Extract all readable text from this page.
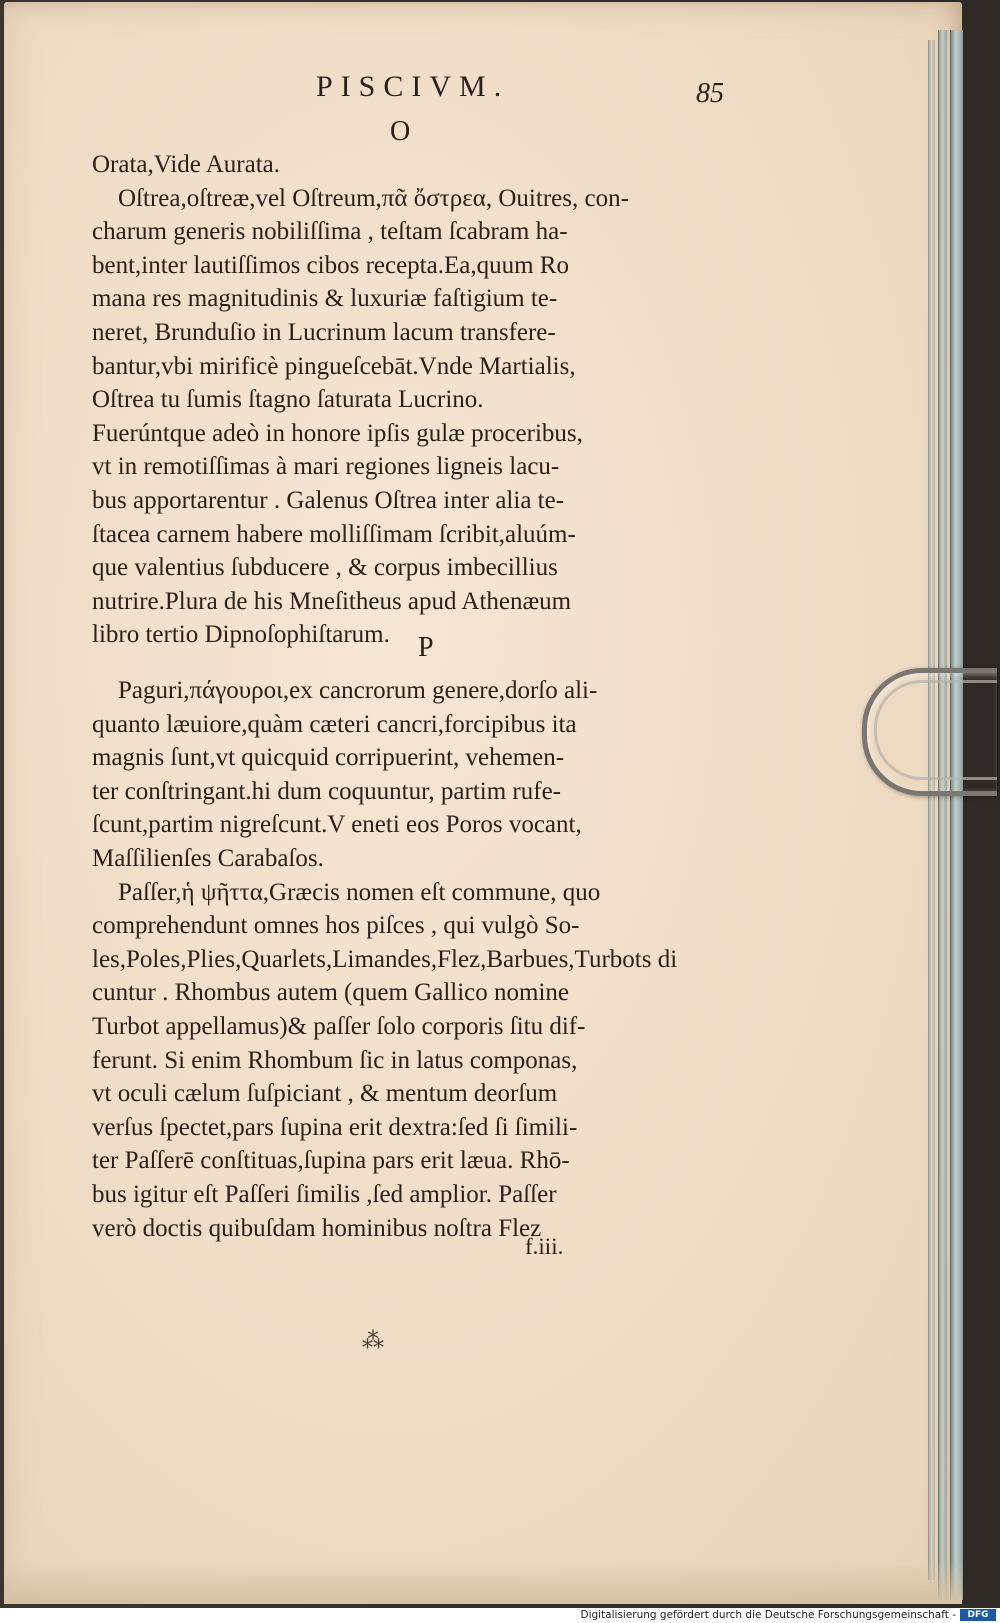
PISCIVM.	85
O
Orata,Vide Aurata.
Oſtrea,oſtreæ,vel Oſtreum,πᾶ ὄστρεα, Ouitres, con-
charum generis nobiliſſima , teſtam ſcabram ha-
bent,inter lautiſſimos cibos recepta.Ea,quum Ro
mana res magnitudinis & luxuriæ faſtigium te-
neret, Brunduſio in Lucrinum lacum transfere-
bantur,vbi mirificè pingueſcebāt.Vnde Martialis,
Oſtrea tu ſumis ſtagno ſaturata Lucrino.
Fuerúntque adeò in honore ipſis gulæ proceribus,
vt in remotiſſimas à mari regiones ligneis lacu-
bus apportarentur . Galenus Oſtrea inter alia te-
ſtacea carnem habere molliſſimam ſcribit,aluúm-
que valentius ſubducere , & corpus imbecillius
nutrire.Plura de his Mneſitheus apud Athenæum
libro tertio Dipnoſophiſtarum.	P
Paguri,πάγουροι,ex cancrorum genere,dorſo ali-
quanto læuiore,quàm cæteri cancri,forcipibus ita
magnis ſunt,vt quicquid corripuerint, vehemen-
ter conſtringant.hi dum coquuntur, partim rufe-
ſcunt,partim nigreſcunt.V eneti eos Poros vocant,
Maſſilienſes Carabaſos.
Paſſer,ἡ ψῆττα,Græcis nomen eſt commune, quo
comprehendunt omnes hos piſces , qui vulgò So-
les,Poles,Plies,Quarlets,Limandes,Flez,Barbues,Turbots di
cuntur . Rhombus autem (quem Gallico nomine
Turbot appellamus)& paſſer ſolo corporis ſitu dif-
ferunt. Si enim Rhombum ſic in latus componas,
vt oculi cælum ſuſpiciant , & mentum deorſum
verſus ſpectet,pars ſupina erit dextra:ſed ſi ſimili-
ter Paſſerē conſtituas,ſupina pars erit læua. Rhō-
bus igitur eſt Paſſeri ſimilis ,ſed amplior. Paſſer
verò doctis quibuſdam hominibus noſtra Flez
f.iii.
⁂
Digitalisierung gefördert durch die Deutsche Forschungsgemeinschaft -	DFG
